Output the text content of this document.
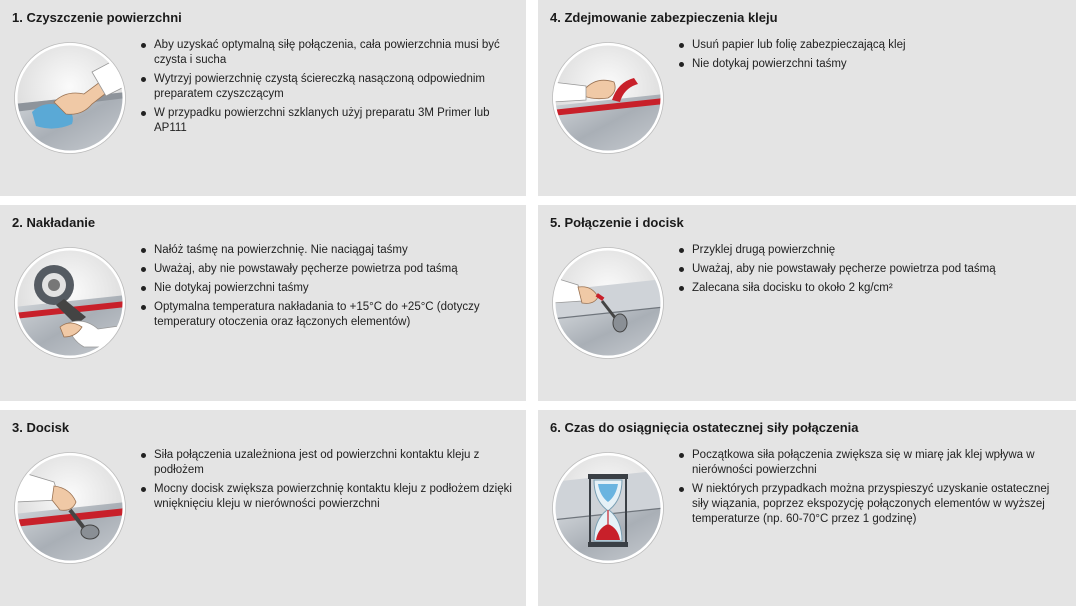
1. Czyszczenie powierzchni
Aby uzyskać optymalną siłę połączenia, cała powierzchnia musi być czysta i sucha
Wytrzyj powierzchnię czystą ściereczką nasączoną odpowiednim preparatem czyszczącym
W przypadku powierzchni szklanych użyj preparatu 3M Primer lub AP111
2. Nakładanie
Nałóż taśmę na powierzchnię. Nie naciągaj taśmy
Uważaj, aby nie powstawały pęcherze powietrza pod taśmą
Nie dotykaj powierzchni taśmy
Optymalna temperatura nakładania to +15°C do +25°C (dotyczy temperatury otoczenia oraz łączonych elementów)
3. Docisk
Siła połączenia uzależniona jest od powierzchni kontaktu kleju z podłożem
Mocny docisk zwiększa powierzchnię kontaktu kleju z podłożem dzięki wnięknięciu kleju w nierówności powierzchni
4. Zdejmowanie zabezpieczenia kleju
Usuń papier lub folię zabezpieczającą klej
Nie dotykaj powierzchni taśmy
5. Połączenie i docisk
Przyklej drugą powierzchnię
Uważaj, aby nie powstawały pęcherze powietrza pod taśmą
Zalecana siła docisku to około 2 kg/cm²
6. Czas do osiągnięcia ostatecznej siły połączenia
Początkowa siła połączenia zwiększa się w miarę jak klej wpływa w nierówności powierzchni
W niektórych przypadkach można przyspieszyć uzyskanie ostatecznej siły wiązania, poprzez ekspozycję połączonych elementów w wyższej temperaturze (np. 60-70°C przez 1 godzinę)
